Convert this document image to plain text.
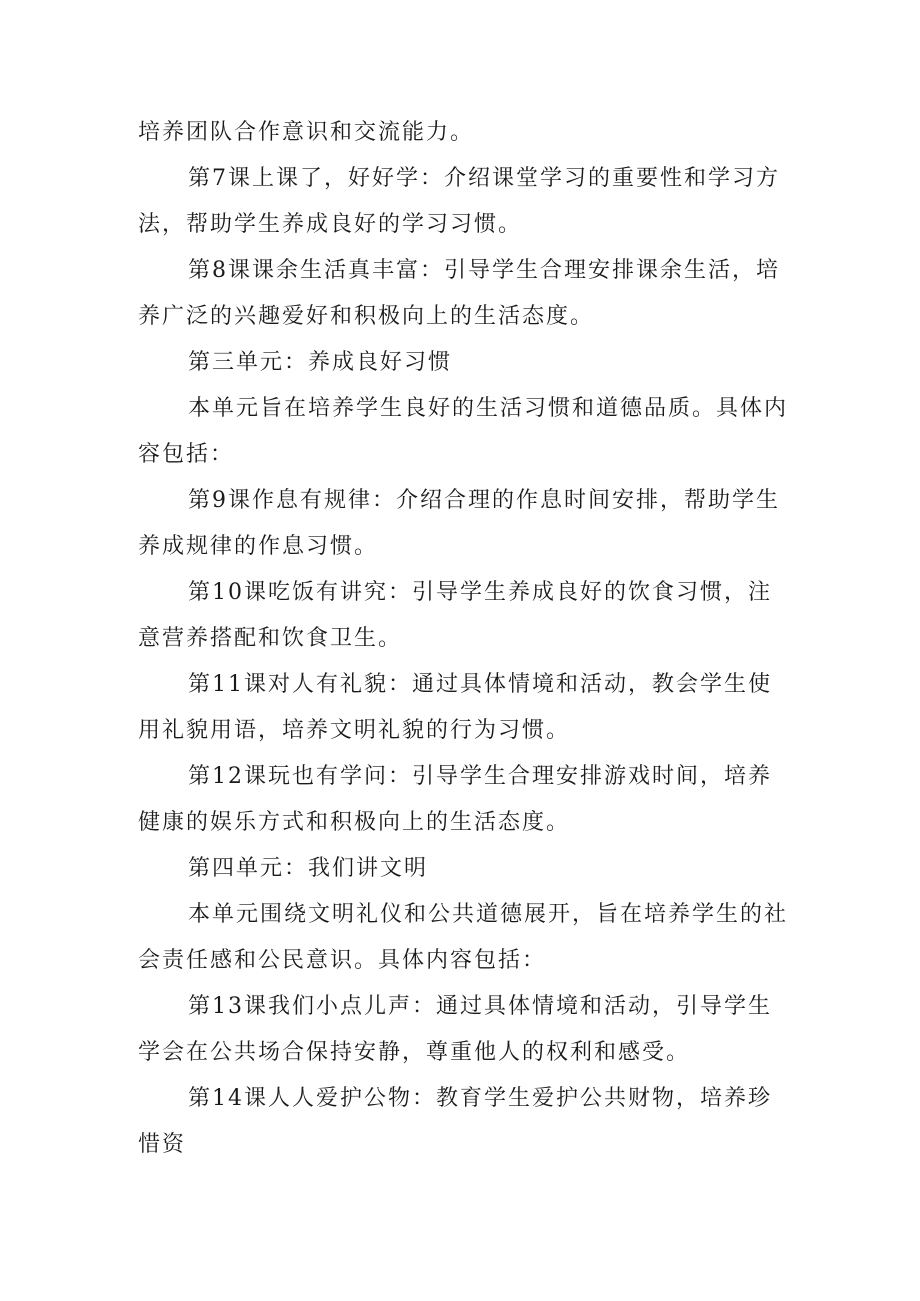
培养团队合作意识和交流能力。

第7课上课了，好好学：介绍课堂学习的重要性和学习方法，帮助学生养成良好的学习习惯。

第8课课余生活真丰富：引导学生合理安排课余生活，培养广泛的兴趣爱好和积极向上的生活态度。

第三单元：养成良好习惯

本单元旨在培养学生良好的生活习惯和道德品质。具体内容包括：

第9课作息有规律：介绍合理的作息时间安排，帮助学生养成规律的作息习惯。

第10课吃饭有讲究：引导学生养成良好的饮食习惯，注意营养搭配和饮食卫生。

第11课对人有礼貌：通过具体情境和活动，教会学生使用礼貌用语，培养文明礼貌的行为习惯。

第12课玩也有学问：引导学生合理安排游戏时间，培养健康的娱乐方式和积极向上的生活态度。

第四单元：我们讲文明

本单元围绕文明礼仪和公共道德展开，旨在培养学生的社会责任感和公民意识。具体内容包括：

第13课我们小点儿声：通过具体情境和活动，引导学生学会在公共场合保持安静，尊重他人的权利和感受。

第14课人人爱护公物：教育学生爱护公共财物，培养珍惜资
